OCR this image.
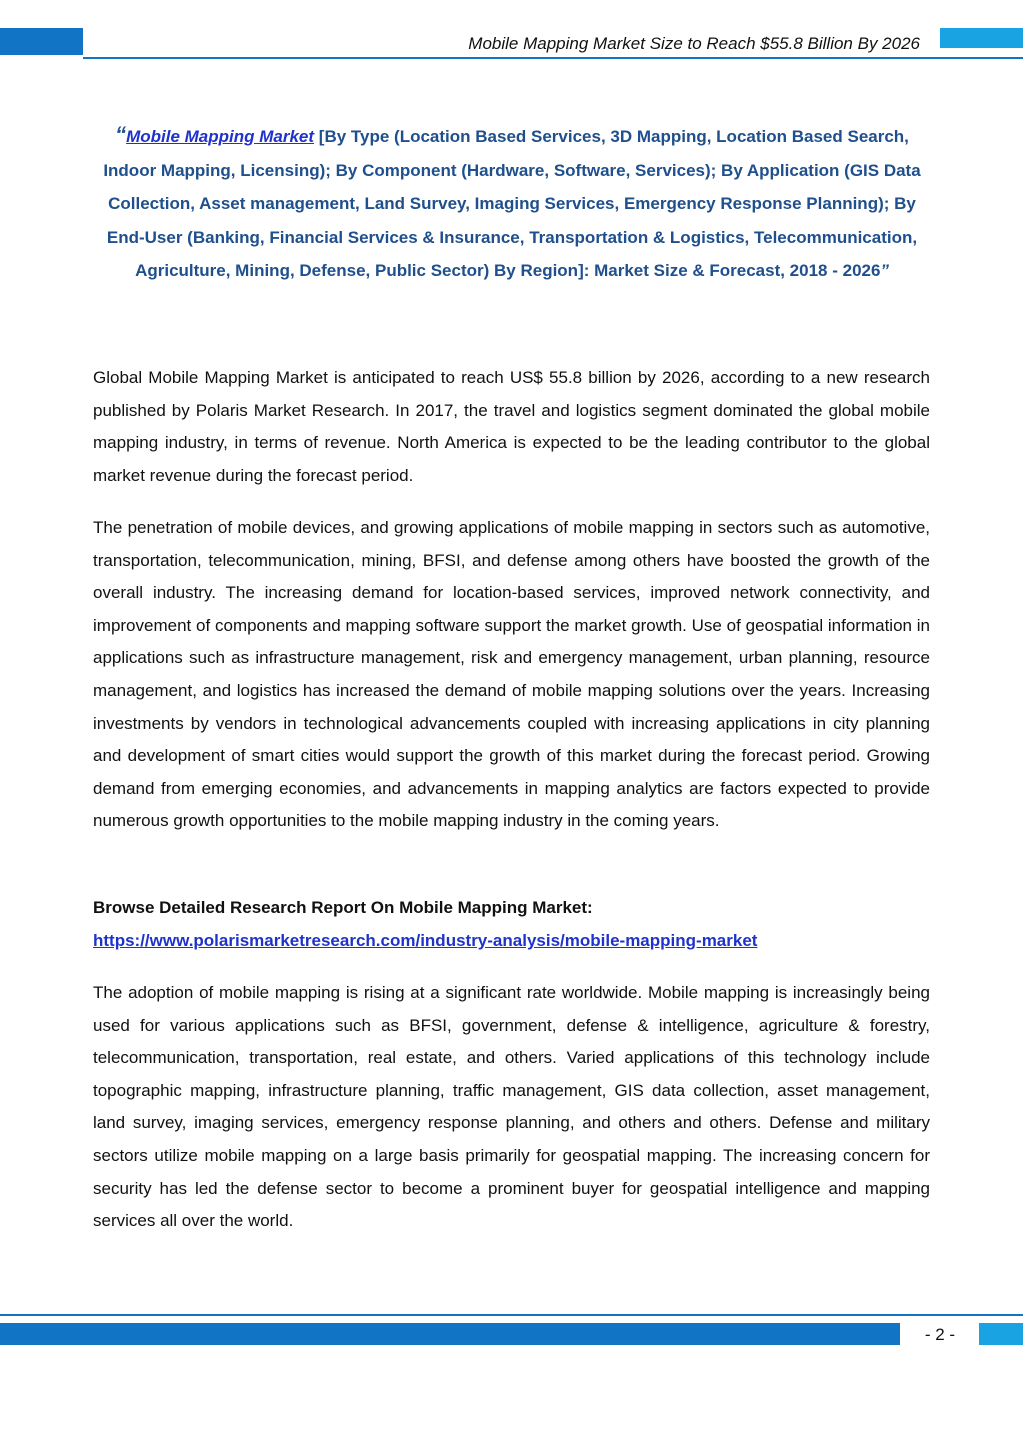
Mobile Mapping Market Size to Reach $55.8 Billion By 2026
“Mobile Mapping Market [By Type (Location Based Services, 3D Mapping, Location Based Search, Indoor Mapping, Licensing); By Component (Hardware, Software, Services); By Application (GIS Data Collection, Asset management, Land Survey, Imaging Services, Emergency Response Planning); By End-User (Banking, Financial Services & Insurance, Transportation & Logistics, Telecommunication, Agriculture, Mining, Defense, Public Sector) By Region]: Market Size & Forecast, 2018 - 2026”

Global Mobile Mapping Market is anticipated to reach US$ 55.8 billion by 2026, according to a new research published by Polaris Market Research. In 2017, the travel and logistics segment dominated the global mobile mapping industry, in terms of revenue. North America is expected to be the leading contributor to the global market revenue during the forecast period.

The penetration of mobile devices, and growing applications of mobile mapping in sectors such as automotive, transportation, telecommunication, mining, BFSI, and defense among others have boosted the growth of the overall industry. The increasing demand for location-based services, improved network connectivity, and improvement of components and mapping software support the market growth. Use of geospatial information in applications such as infrastructure management, risk and emergency management, urban planning, resource management, and logistics has increased the demand of mobile mapping solutions over the years. Increasing investments by vendors in technological advancements coupled with increasing applications in city planning and development of smart cities would support the growth of this market during the forecast period. Growing demand from emerging economies, and advancements in mapping analytics are factors expected to provide numerous growth opportunities to the mobile mapping industry in the coming years.

Browse Detailed Research Report On Mobile Mapping Market:
https://www.polarismarketresearch.com/industry-analysis/mobile-mapping-market

The adoption of mobile mapping is rising at a significant rate worldwide. Mobile mapping is increasingly being used for various applications such as BFSI, government, defense & intelligence, agriculture & forestry, telecommunication, transportation, real estate, and others. Varied applications of this technology include topographic mapping, infrastructure planning, traffic management, GIS data collection, asset management, land survey, imaging services, emergency response planning, and others and others. Defense and military sectors utilize mobile mapping on a large basis primarily for geospatial mapping. The increasing concern for security has led the defense sector to become a prominent buyer for geospatial intelligence and mapping services all over the world.

- 2 -
